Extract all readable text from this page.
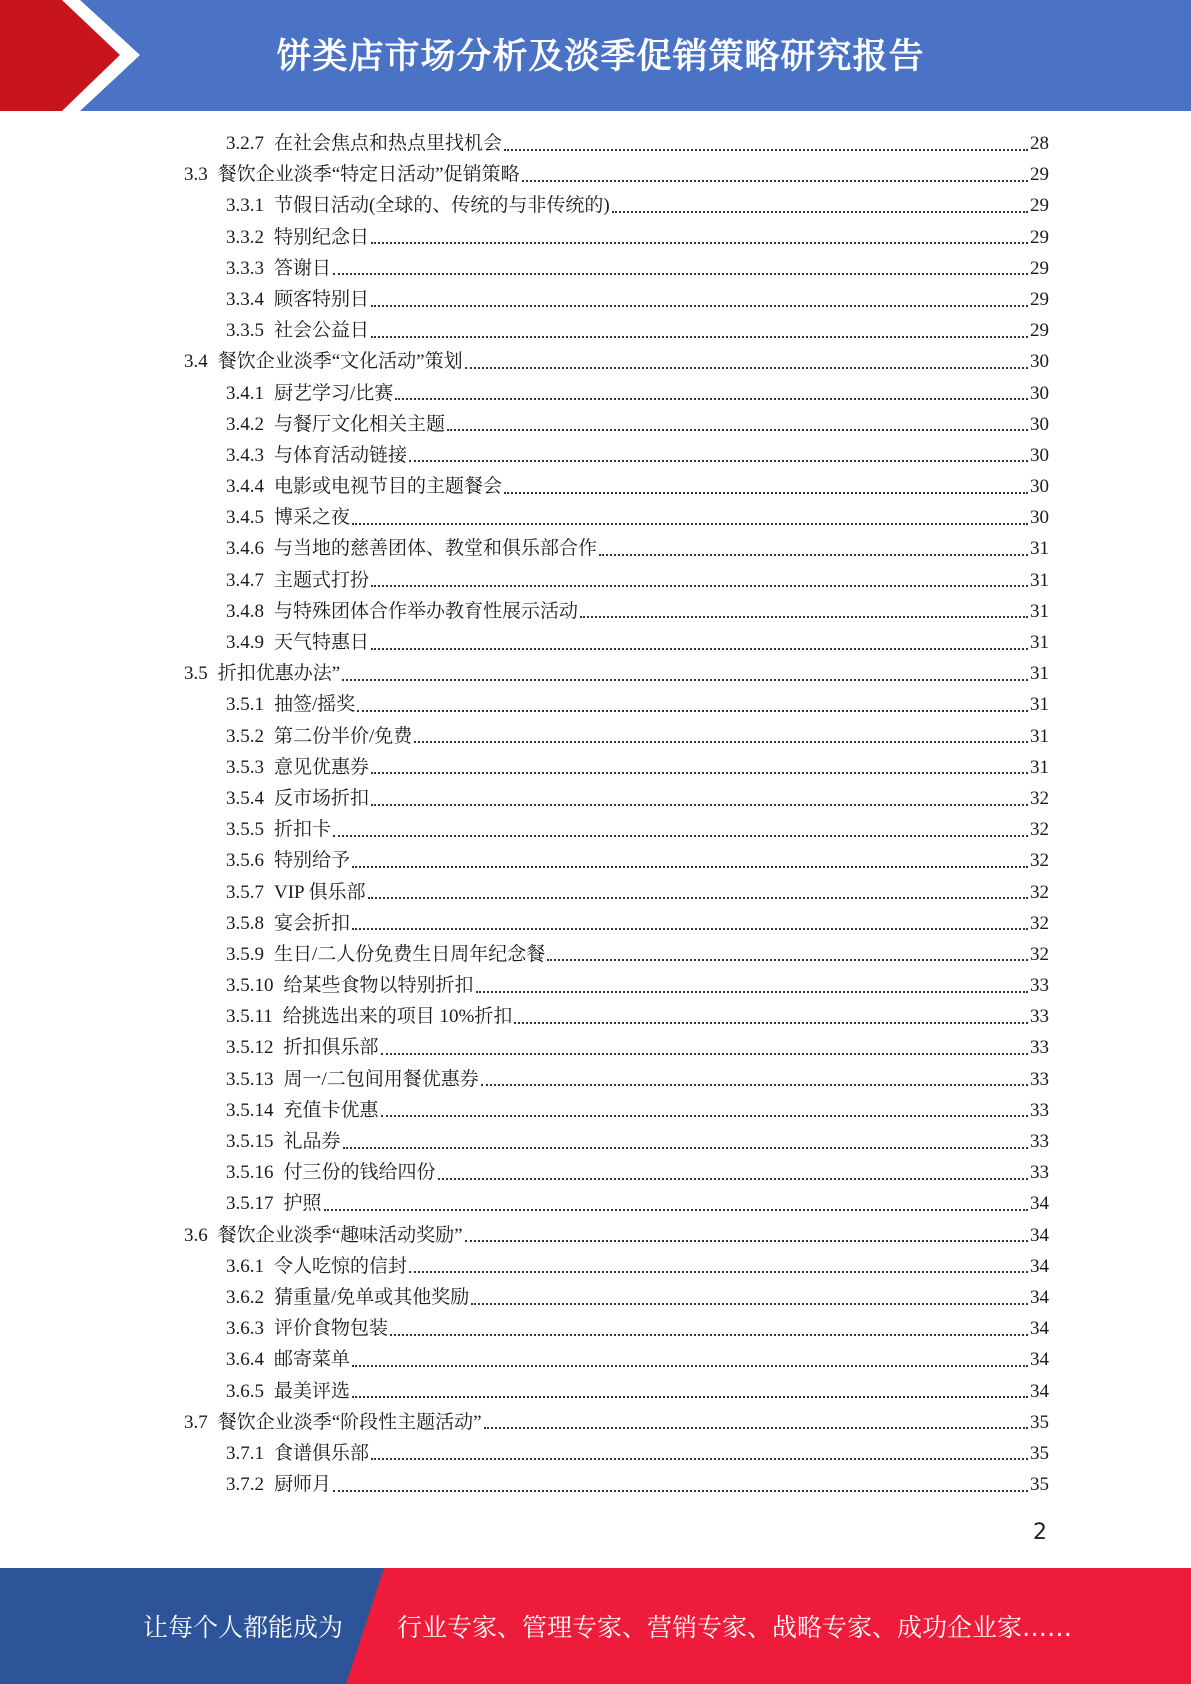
饼类店市场分析及淡季促销策略研究报告
3.2.7 在社会焦点和热点里找机会	28
3.3 餐饮企业淡季“特定日活动”促销策略	29
3.3.1 节假日活动(全球的、传统的与非传统的)	29
3.3.2 特别纪念日	29
3.3.3 答谢日	29
3.3.4 顾客特别日	29
3.3.5 社会公益日	29
3.4 餐饮企业淡季“文化活动”策划	30
3.4.1 厨艺学习/比赛	30
3.4.2 与餐厅文化相关主题	30
3.4.3 与体育活动链接	30
3.4.4 电影或电视节目的主题餐会	30
3.4.5 博采之夜	30
3.4.6 与当地的慈善团体、教堂和俱乐部合作	31
3.4.7 主题式打扮	31
3.4.8 与特殊团体合作举办教育性展示活动	31
3.4.9 天气特惠日	31
3.5 折扣优惠办法”	31
3.5.1 抽签/摇奖	31
3.5.2 第二份半价/免费	31
3.5.3 意见优惠券	31
3.5.4 反市场折扣	32
3.5.5 折扣卡	32
3.5.6 特别给予	32
3.5.7 VIP 俱乐部	32
3.5.8 宴会折扣	32
3.5.9 生日/二人份免费生日周年纪念餐	32
3.5.10 给某些食物以特别折扣	33
3.5.11 给挑选出来的项目 10%折扣	33
3.5.12 折扣俱乐部	33
3.5.13 周一/二包间用餐优惠券	33
3.5.14 充值卡优惠	33
3.5.15 礼品券	33
3.5.16 付三份的钱给四份	33
3.5.17 护照	34
3.6 餐饮企业淡季“趣味活动奖励”	34
3.6.1 令人吃惊的信封	34
3.6.2 猜重量/免单或其他奖励	34
3.6.3 评价食物包装	34
3.6.4 邮寄菜单	34
3.6.5 最美评选	34
3.7 餐饮企业淡季“阶段性主题活动”	35
3.7.1 食谱俱乐部	35
3.7.2 厨师月	35
2
让每个人都能成为 行业专家、管理专家、营销专家、战略专家、成功企业家……
